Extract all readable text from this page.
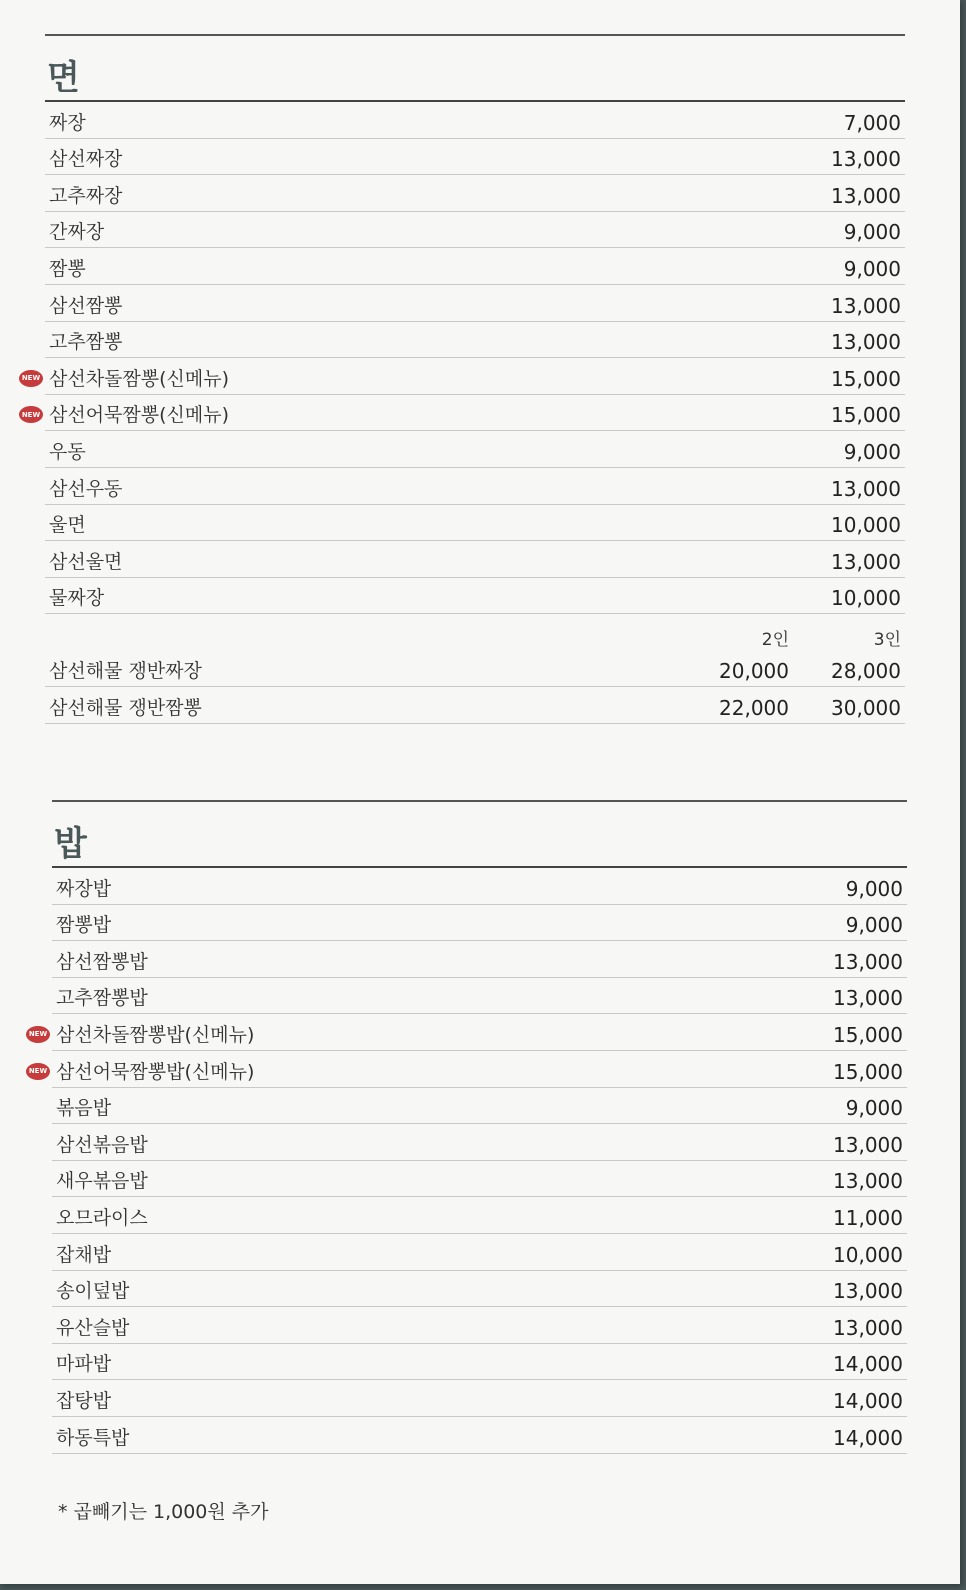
면
짜장	7,000
삼선짜장	13,000
고추짜장	13,000
간짜장	9,000
짬뽕	9,000
삼선짬뽕	13,000
고추짬뽕	13,000
NEW 삼선차돌짬뽕(신메뉴)	15,000
NEW 삼선어묵짬뽕(신메뉴)	15,000
우동	9,000
삼선우동	13,000
울면	10,000
삼선울면	13,000
물짜장	10,000
2인	3인
삼선해물 쟁반짜장	20,000	28,000
삼선해물 쟁반짬뽕	22,000	30,000
밥
짜장밥	9,000
짬뽕밥	9,000
삼선짬뽕밥	13,000
고추짬뽕밥	13,000
NEW 삼선차돌짬뽕밥(신메뉴)	15,000
NEW 삼선어묵짬뽕밥(신메뉴)	15,000
볶음밥	9,000
삼선볶음밥	13,000
새우볶음밥	13,000
오므라이스	11,000
잡채밥	10,000
송이덮밥	13,000
유산슬밥	13,000
마파밥	14,000
잡탕밥	14,000
하동특밥	14,000
* 곱빼기는 1,000원 추가
